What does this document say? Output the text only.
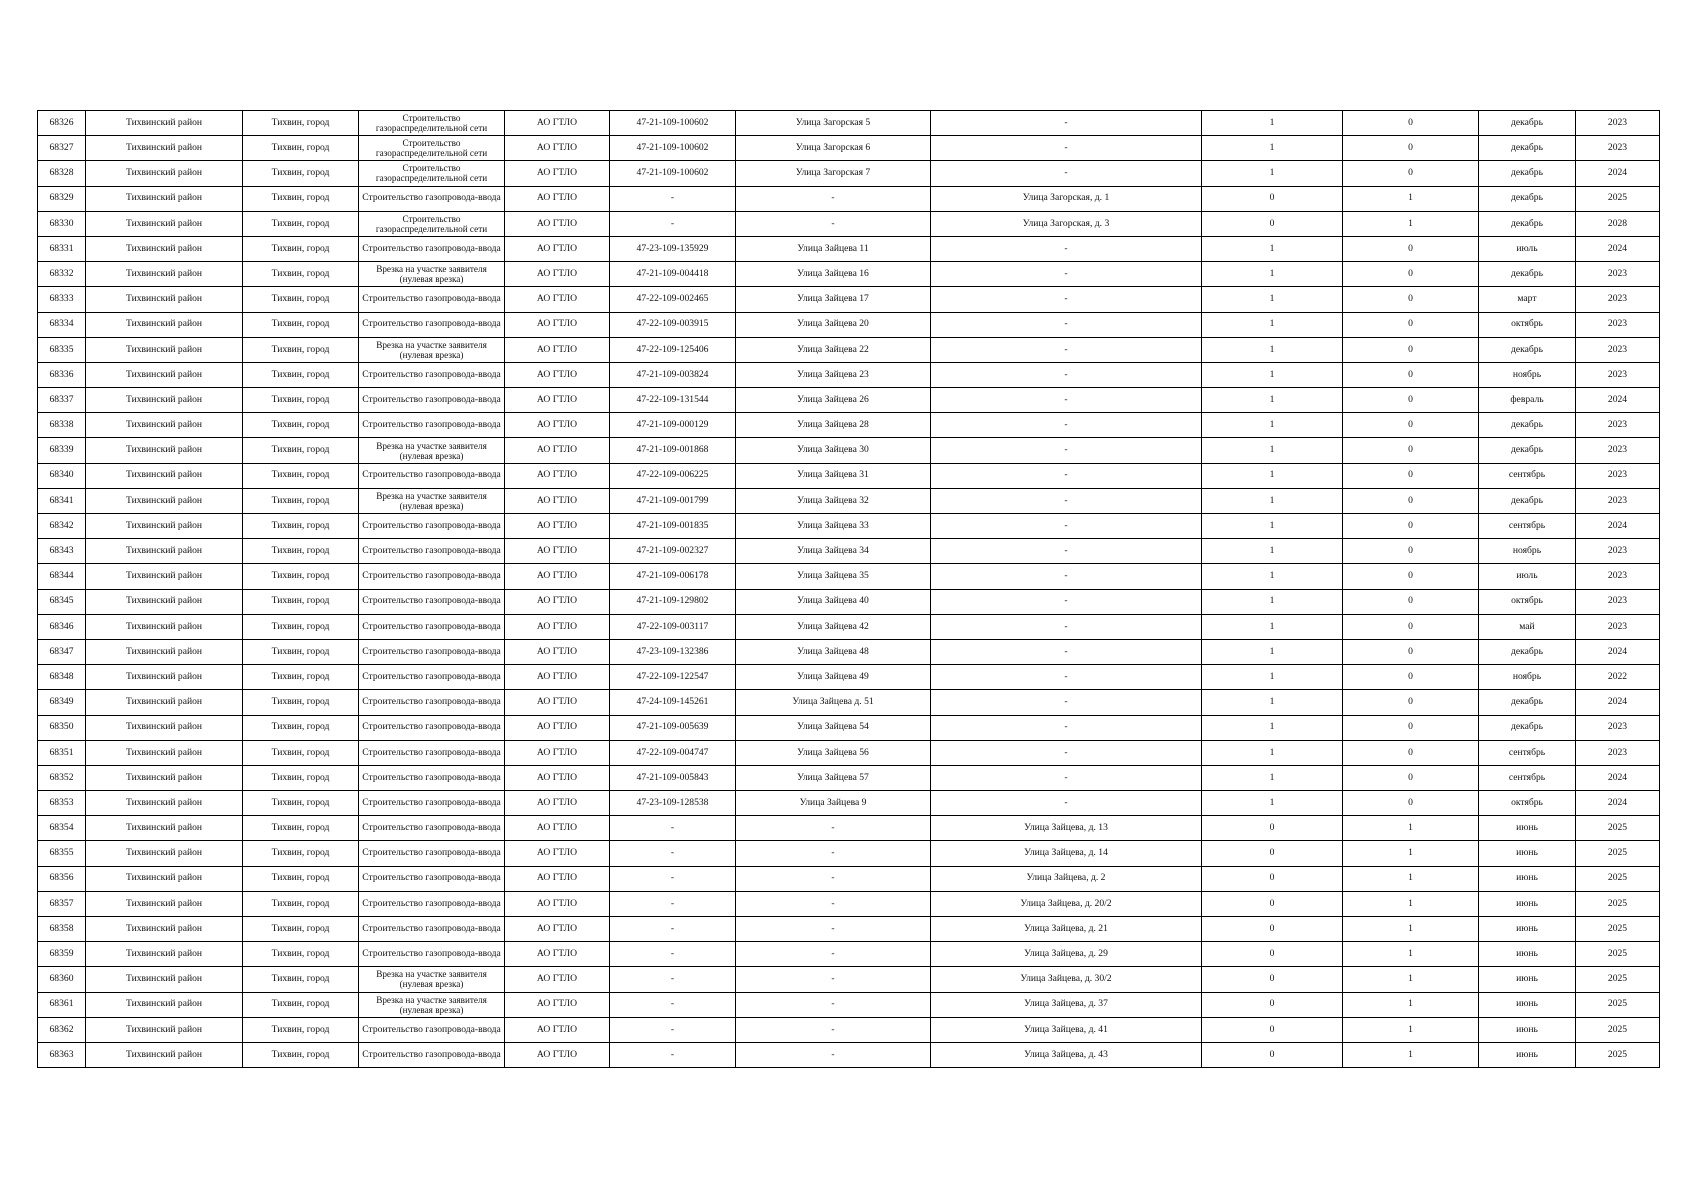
68326	Тихвинский район	Тихвин, город	Строительство газораспределительной сети	АО ГТЛО	47-21-109-100602	Улица Загорская 5	-	1	0	декабрь	2023
68327	Тихвинский район	Тихвин, город	Строительство газораспределительной сети	АО ГТЛО	47-21-109-100602	Улица Загорская 6	-	1	0	декабрь	2023
68328	Тихвинский район	Тихвин, город	Строительство газораспределительной сети	АО ГТЛО	47-21-109-100602	Улица Загорская 7	-	1	0	декабрь	2024
68329	Тихвинский район	Тихвин, город	Строительство газопровода-ввода	АО ГТЛО	-	-	Улица Загорская, д. 1	0	1	декабрь	2025
68330	Тихвинский район	Тихвин, город	Строительство газораспределительной сети	АО ГТЛО	-	-	Улица Загорская, д. 3	0	1	декабрь	2028
68331	Тихвинский район	Тихвин, город	Строительство газопровода-ввода	АО ГТЛО	47-23-109-135929	Улица Зайцева 11	-	1	0	июль	2024
68332	Тихвинский район	Тихвин, город	Врезка на участке заявителя (нулевая врезка)	АО ГТЛО	47-21-109-004418	Улица Зайцева 16	-	1	0	декабрь	2023
68333	Тихвинский район	Тихвин, город	Строительство газопровода-ввода	АО ГТЛО	47-22-109-002465	Улица Зайцева 17	-	1	0	март	2023
68334	Тихвинский район	Тихвин, город	Строительство газопровода-ввода	АО ГТЛО	47-22-109-003915	Улица Зайцева 20	-	1	0	октябрь	2023
68335	Тихвинский район	Тихвин, город	Врезка на участке заявителя (нулевая врезка)	АО ГТЛО	47-22-109-125406	Улица Зайцева 22	-	1	0	декабрь	2023
68336	Тихвинский район	Тихвин, город	Строительство газопровода-ввода	АО ГТЛО	47-21-109-003824	Улица Зайцева 23	-	1	0	ноябрь	2023
68337	Тихвинский район	Тихвин, город	Строительство газопровода-ввода	АО ГТЛО	47-22-109-131544	Улица Зайцева 26	-	1	0	февраль	2024
68338	Тихвинский район	Тихвин, город	Строительство газопровода-ввода	АО ГТЛО	47-21-109-000129	Улица Зайцева 28	-	1	0	декабрь	2023
68339	Тихвинский район	Тихвин, город	Врезка на участке заявителя (нулевая врезка)	АО ГТЛО	47-21-109-001868	Улица Зайцева 30	-	1	0	декабрь	2023
68340	Тихвинский район	Тихвин, город	Строительство газопровода-ввода	АО ГТЛО	47-22-109-006225	Улица Зайцева 31	-	1	0	сентябрь	2023
68341	Тихвинский район	Тихвин, город	Врезка на участке заявителя (нулевая врезка)	АО ГТЛО	47-21-109-001799	Улица Зайцева 32	-	1	0	декабрь	2023
68342	Тихвинский район	Тихвин, город	Строительство газопровода-ввода	АО ГТЛО	47-21-109-001835	Улица Зайцева 33	-	1	0	сентябрь	2024
68343	Тихвинский район	Тихвин, город	Строительство газопровода-ввода	АО ГТЛО	47-21-109-002327	Улица Зайцева 34	-	1	0	ноябрь	2023
68344	Тихвинский район	Тихвин, город	Строительство газопровода-ввода	АО ГТЛО	47-21-109-006178	Улица Зайцева 35	-	1	0	июль	2023
68345	Тихвинский район	Тихвин, город	Строительство газопровода-ввода	АО ГТЛО	47-21-109-129802	Улица Зайцева 40	-	1	0	октябрь	2023
68346	Тихвинский район	Тихвин, город	Строительство газопровода-ввода	АО ГТЛО	47-22-109-003117	Улица Зайцева 42	-	1	0	май	2023
68347	Тихвинский район	Тихвин, город	Строительство газопровода-ввода	АО ГТЛО	47-23-109-132386	Улица Зайцева 48	-	1	0	декабрь	2024
68348	Тихвинский район	Тихвин, город	Строительство газопровода-ввода	АО ГТЛО	47-22-109-122547	Улица Зайцева 49	-	1	0	ноябрь	2022
68349	Тихвинский район	Тихвин, город	Строительство газопровода-ввода	АО ГТЛО	47-24-109-145261	Улица Зайцева д. 51	-	1	0	декабрь	2024
68350	Тихвинский район	Тихвин, город	Строительство газопровода-ввода	АО ГТЛО	47-21-109-005639	Улица Зайцева 54	-	1	0	декабрь	2023
68351	Тихвинский район	Тихвин, город	Строительство газопровода-ввода	АО ГТЛО	47-22-109-004747	Улица Зайцева 56	-	1	0	сентябрь	2023
68352	Тихвинский район	Тихвин, город	Строительство газопровода-ввода	АО ГТЛО	47-21-109-005843	Улица Зайцева 57	-	1	0	сентябрь	2024
68353	Тихвинский район	Тихвин, город	Строительство газопровода-ввода	АО ГТЛО	47-23-109-128538	Улица Зайцева 9	-	1	0	октябрь	2024
68354	Тихвинский район	Тихвин, город	Строительство газопровода-ввода	АО ГТЛО	-	-	Улица Зайцева, д. 13	0	1	июнь	2025
68355	Тихвинский район	Тихвин, город	Строительство газопровода-ввода	АО ГТЛО	-	-	Улица Зайцева, д. 14	0	1	июнь	2025
68356	Тихвинский район	Тихвин, город	Строительство газопровода-ввода	АО ГТЛО	-	-	Улица Зайцева, д. 2	0	1	июнь	2025
68357	Тихвинский район	Тихвин, город	Строительство газопровода-ввода	АО ГТЛО	-	-	Улица Зайцева, д. 20/2	0	1	июнь	2025
68358	Тихвинский район	Тихвин, город	Строительство газопровода-ввода	АО ГТЛО	-	-	Улица Зайцева, д. 21	0	1	июнь	2025
68359	Тихвинский район	Тихвин, город	Строительство газопровода-ввода	АО ГТЛО	-	-	Улица Зайцева, д. 29	0	1	июнь	2025
68360	Тихвинский район	Тихвин, город	Врезка на участке заявителя (нулевая врезка)	АО ГТЛО	-	-	Улица Зайцева, д. 30/2	0	1	июнь	2025
68361	Тихвинский район	Тихвин, город	Врезка на участке заявителя (нулевая врезка)	АО ГТЛО	-	-	Улица Зайцева, д. 37	0	1	июнь	2025
68362	Тихвинский район	Тихвин, город	Строительство газопровода-ввода	АО ГТЛО	-	-	Улица Зайцева, д. 41	0	1	июнь	2025
68363	Тихвинский район	Тихвин, город	Строительство газопровода-ввода	АО ГТЛО	-	-	Улица Зайцева, д. 43	0	1	июнь	2025
